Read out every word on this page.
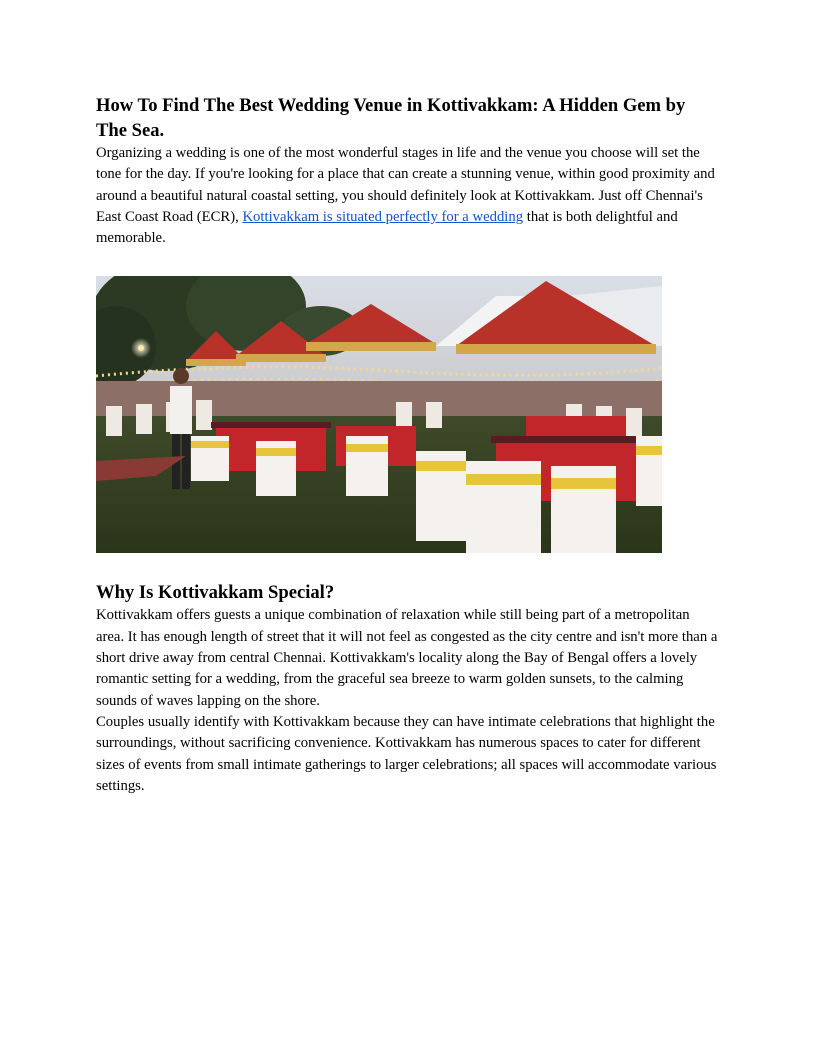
How To Find The Best Wedding Venue in Kottivakkam: A Hidden Gem by The Sea.

Organizing a wedding is one of the most wonderful stages in life and the venue you choose will set the tone for the day. If you're looking for a place that can create a stunning venue, within good proximity and around a beautiful natural coastal setting, you should definitely look at Kottivakkam. Just off Chennai's East Coast Road (ECR), Kottivakkam is situated perfectly for a wedding that is both delightful and memorable.

Why Is Kottivakkam Special?

Kottivakkam offers guests a unique combination of relaxation while still being part of a metropolitan area. It has enough length of street that it will not feel as congested as the city centre and isn't more than a short drive away from central Chennai. Kottivakkam's locality along the Bay of Bengal offers a lovely romantic setting for a wedding, from the graceful sea breeze to warm golden sunsets, to the calming sounds of waves lapping on the shore.

Couples usually identify with Kottivakkam because they can have intimate celebrations that highlight the surroundings, without sacrificing convenience. Kottivakkam has numerous spaces to cater for different sizes of events from small intimate gatherings to larger celebrations; all spaces will accommodate various settings.
